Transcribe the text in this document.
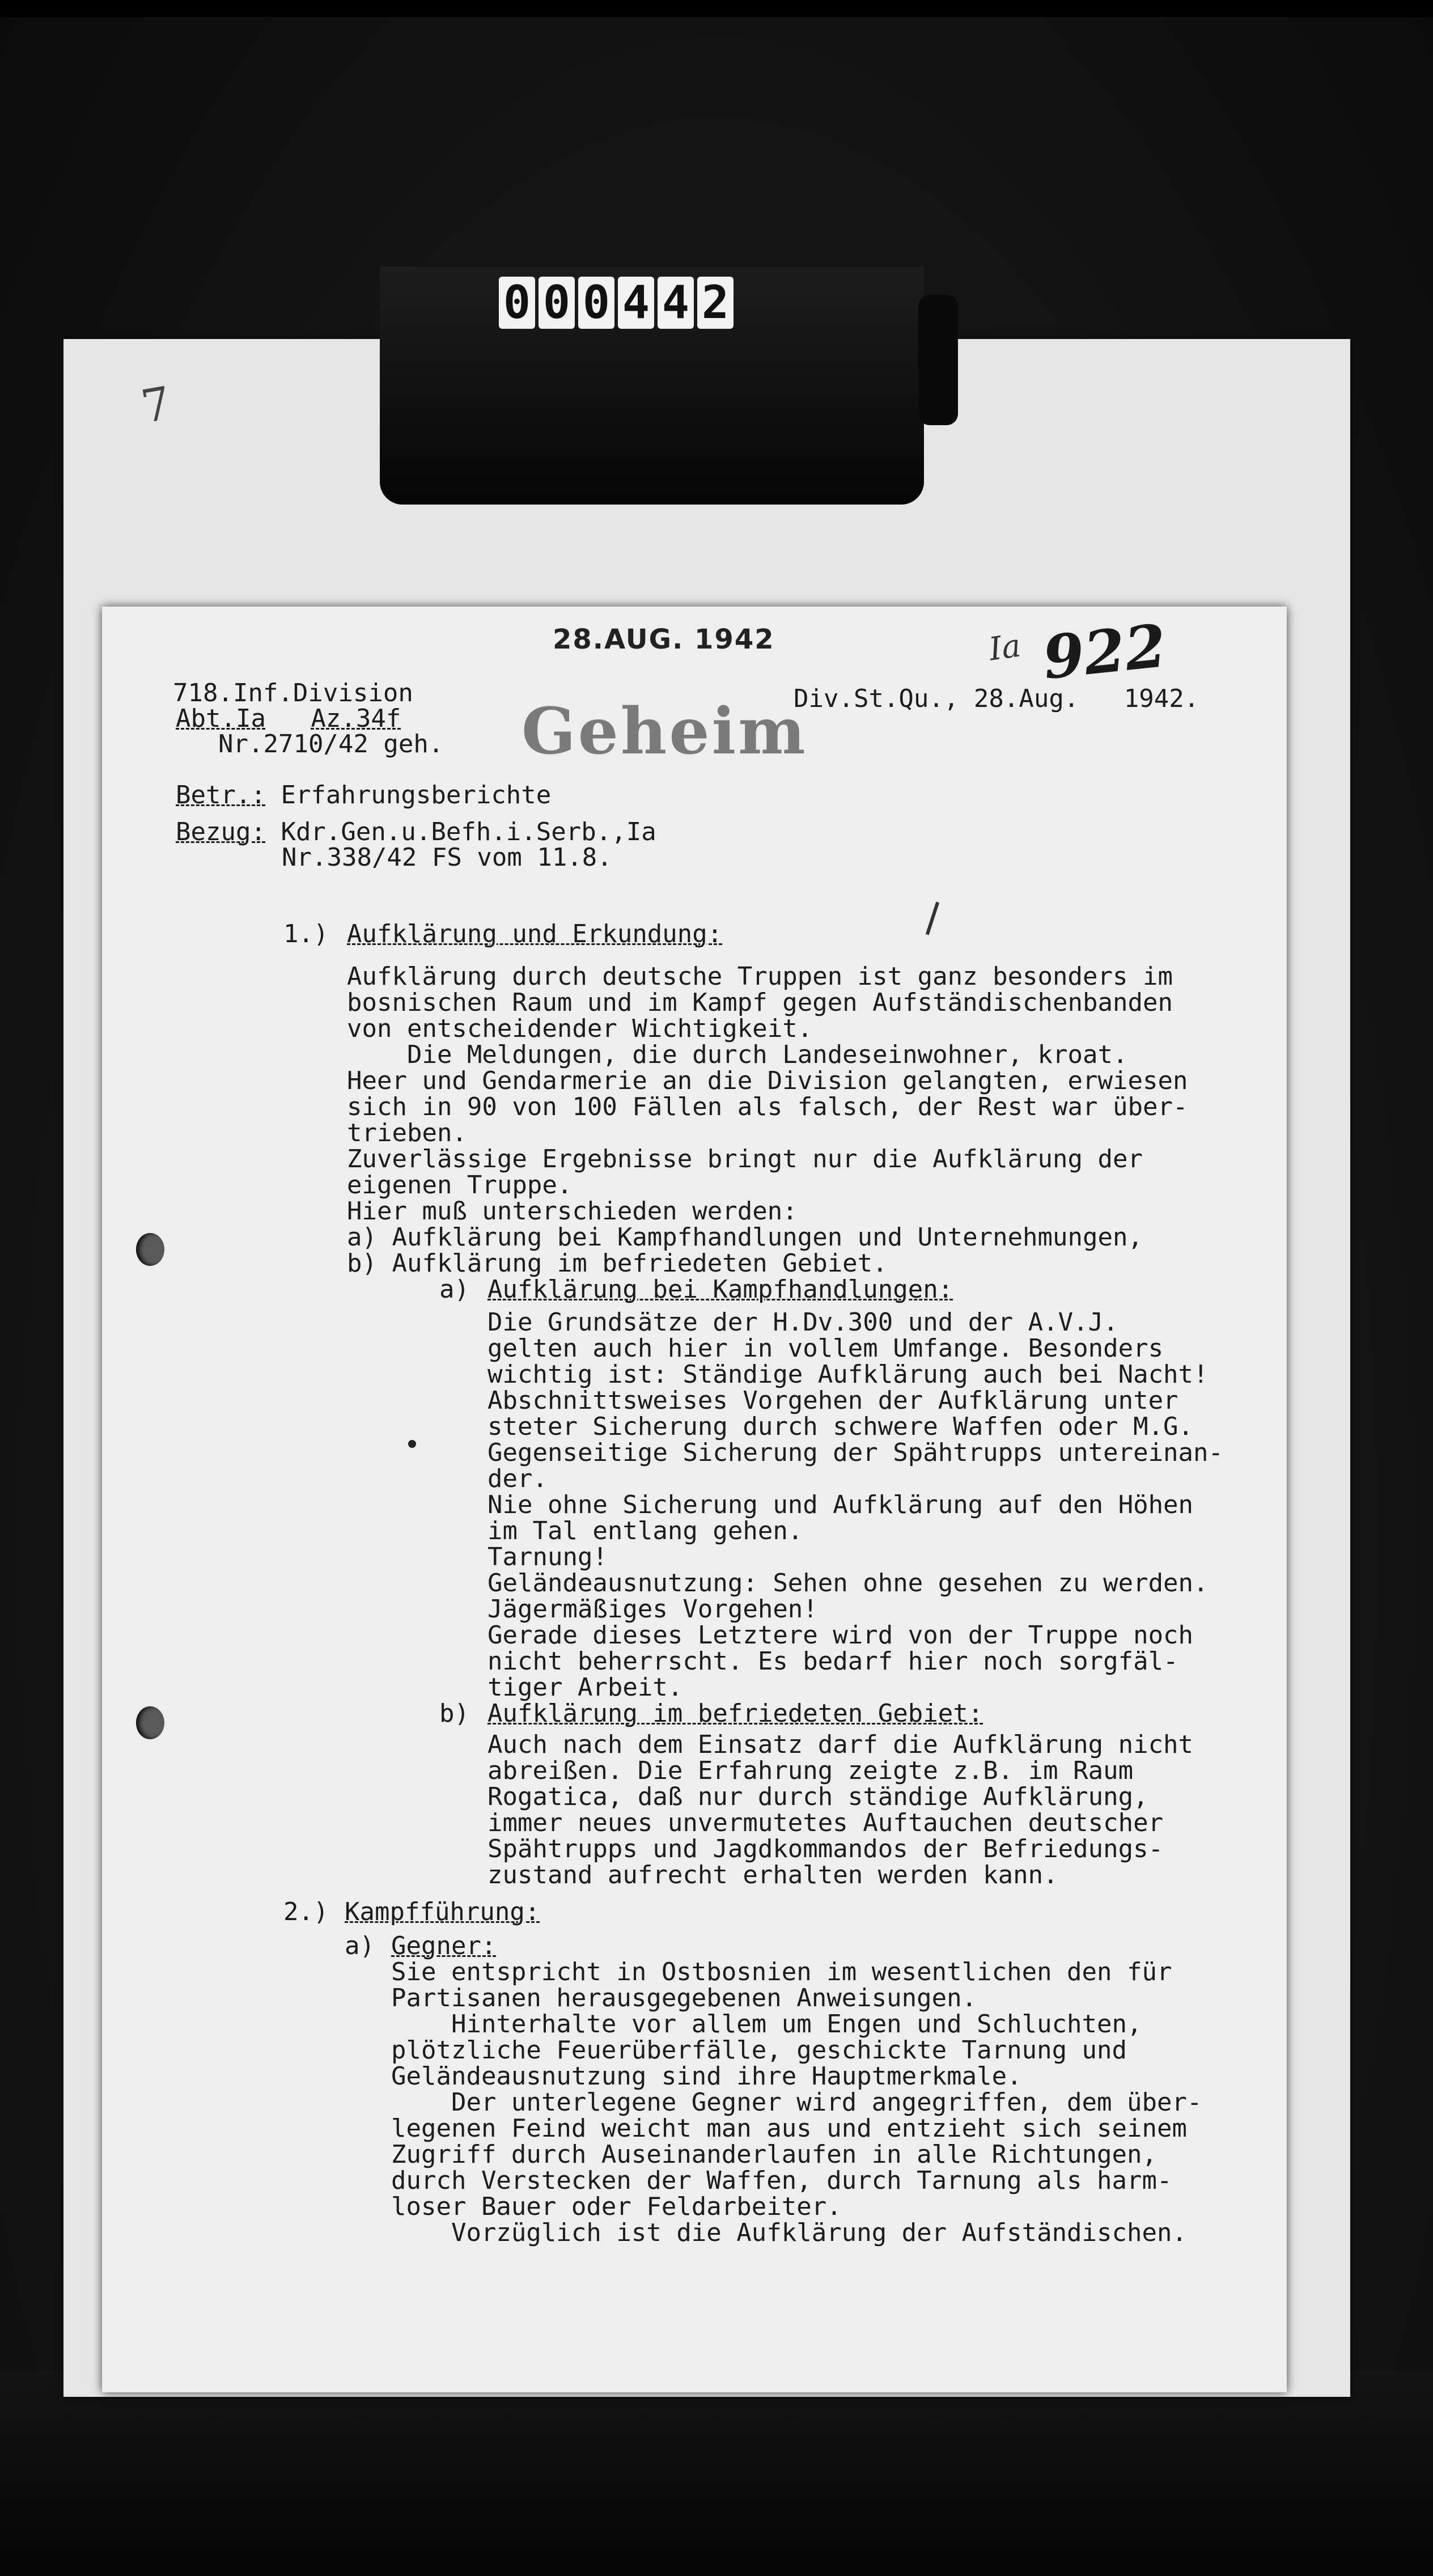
7
0 0 0 4 4 2
28.AUG. 1942	Ia 922
Geheim
718.Inf.Division
Abt.Ia Az.34f
Nr.2710/42 geh.
Div.St.Qu., 28.Aug.   1942.
Betr.: Erfahrungsberichte
Bezug: Kdr.Gen.u.Befh.i.Serb.,Ia
Nr.338/42 FS vom 11.8.
1.) Aufklärung und Erkundung:
Aufklärung durch deutsche Truppen ist ganz besonders im
bosnischen Raum und im Kampf gegen Aufständischenbanden
von entscheidender Wichtigkeit.
Die Meldungen, die durch Landeseinwohner, kroat.
Heer und Gendarmerie an die Division gelangten, erwiesen
sich in 90 von 100 Fällen als falsch, der Rest war über-
trieben.
Zuverlässige Ergebnisse bringt nur die Aufklärung der
eigenen Truppe.
Hier muß unterschieden werden:
a) Aufklärung bei Kampfhandlungen und Unternehmungen,
b) Aufklärung im befriedeten Gebiet.
a) Aufklärung bei Kampfhandlungen:
Die Grundsätze der H.Dv.300 und der A.V.J.
gelten auch hier in vollem Umfange. Besonders
wichtig ist: Ständige Aufklärung auch bei Nacht!
Abschnittsweises Vorgehen der Aufklärung unter
steter Sicherung durch schwere Waffen oder M.G.
Gegenseitige Sicherung der Spähtrupps untereinan-
der.
Nie ohne Sicherung und Aufklärung auf den Höhen
im Tal entlang gehen.
Tarnung!
Geländeausnutzung: Sehen ohne gesehen zu werden.
Jägermäßiges Vorgehen!
Gerade dieses Letztere wird von der Truppe noch
nicht beherrscht. Es bedarf hier noch sorgfäl-
tiger Arbeit.
b) Aufklärung im befriedeten Gebiet:
Auch nach dem Einsatz darf die Aufklärung nicht
abreißen. Die Erfahrung zeigte z.B. im Raum
Rogatica, daß nur durch ständige Aufklärung,
immer neues unvermutetes Auftauchen deutscher
Spähtrupps und Jagdkommandos der Befriedungs-
zustand aufrecht erhalten werden kann.
2.) Kampfführung:
a) Gegner:
Sie entspricht in Ostbosnien im wesentlichen den für
Partisanen herausgegebenen Anweisungen.
Hinterhalte vor allem um Engen und Schluchten,
plötzliche Feuerüberfälle, geschickte Tarnung und
Geländeausnutzung sind ihre Hauptmerkmale.
Der unterlegene Gegner wird angegriffen, dem über-
legenen Feind weicht man aus und entzieht sich seinem
Zugriff durch Auseinanderlaufen in alle Richtungen,
durch Verstecken der Waffen, durch Tarnung als harm-
loser Bauer oder Feldarbeiter.
Vorzüglich ist die Aufklärung der Aufständischen.
